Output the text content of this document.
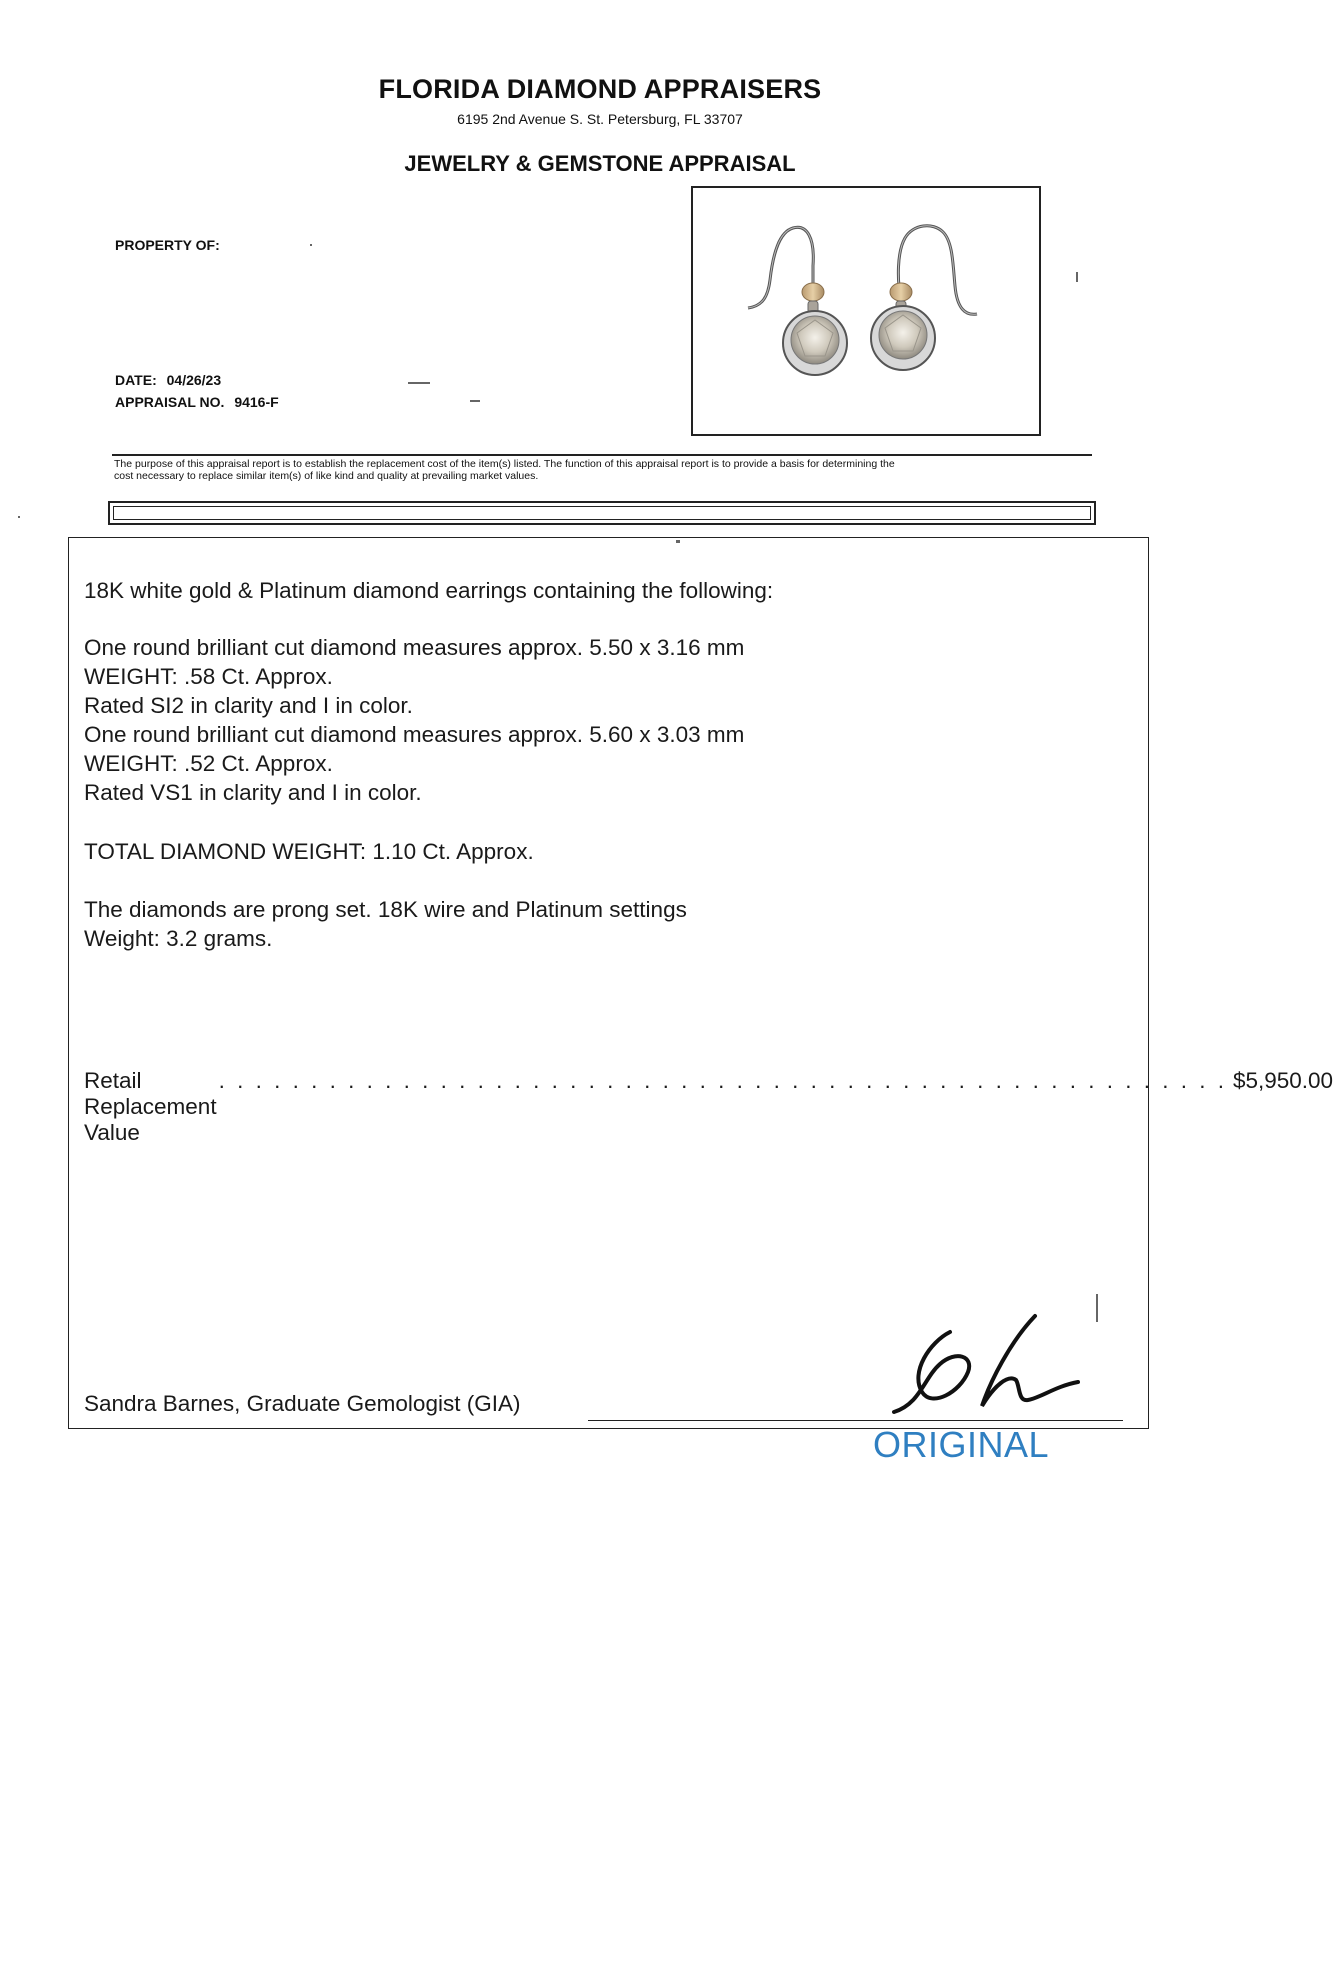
FLORIDA DIAMOND APPRAISERS
6195 2nd Avenue S. St. Petersburg, FL 33707
JEWELRY & GEMSTONE APPRAISAL
PROPERTY OF:
DATE: 04/26/23
APPRAISAL NO. 9416-F
The purpose of this appraisal report is to establish the replacement cost of the item(s) listed. The function of this appraisal report is to provide a basis for determining the
cost necessary to replace similar item(s) of like kind and quality at prevailing market values.
18K white gold & Platinum diamond earrings containing the following:
One round brilliant cut diamond measures approx. 5.50 x 3.16 mm
WEIGHT: .58 Ct. Approx.
Rated SI2 in clarity and I in color.
One round brilliant cut diamond measures approx. 5.60 x 3.03 mm
WEIGHT: .52 Ct. Approx.
Rated VS1 in clarity and I in color.
TOTAL DIAMOND WEIGHT: 1.10 Ct. Approx.
The diamonds are prong set. 18K wire and Platinum settings
Weight: 3.2 grams.
Retail Replacement Value
. . . . . . . . . . . . . . . . . . . . . . . . . . . . . . . . . . . . . . . . . . . . . . . . . . . . . . . $5,950.00
Sandra Barnes, Graduate Gemologist (GIA)
ORIGINAL
